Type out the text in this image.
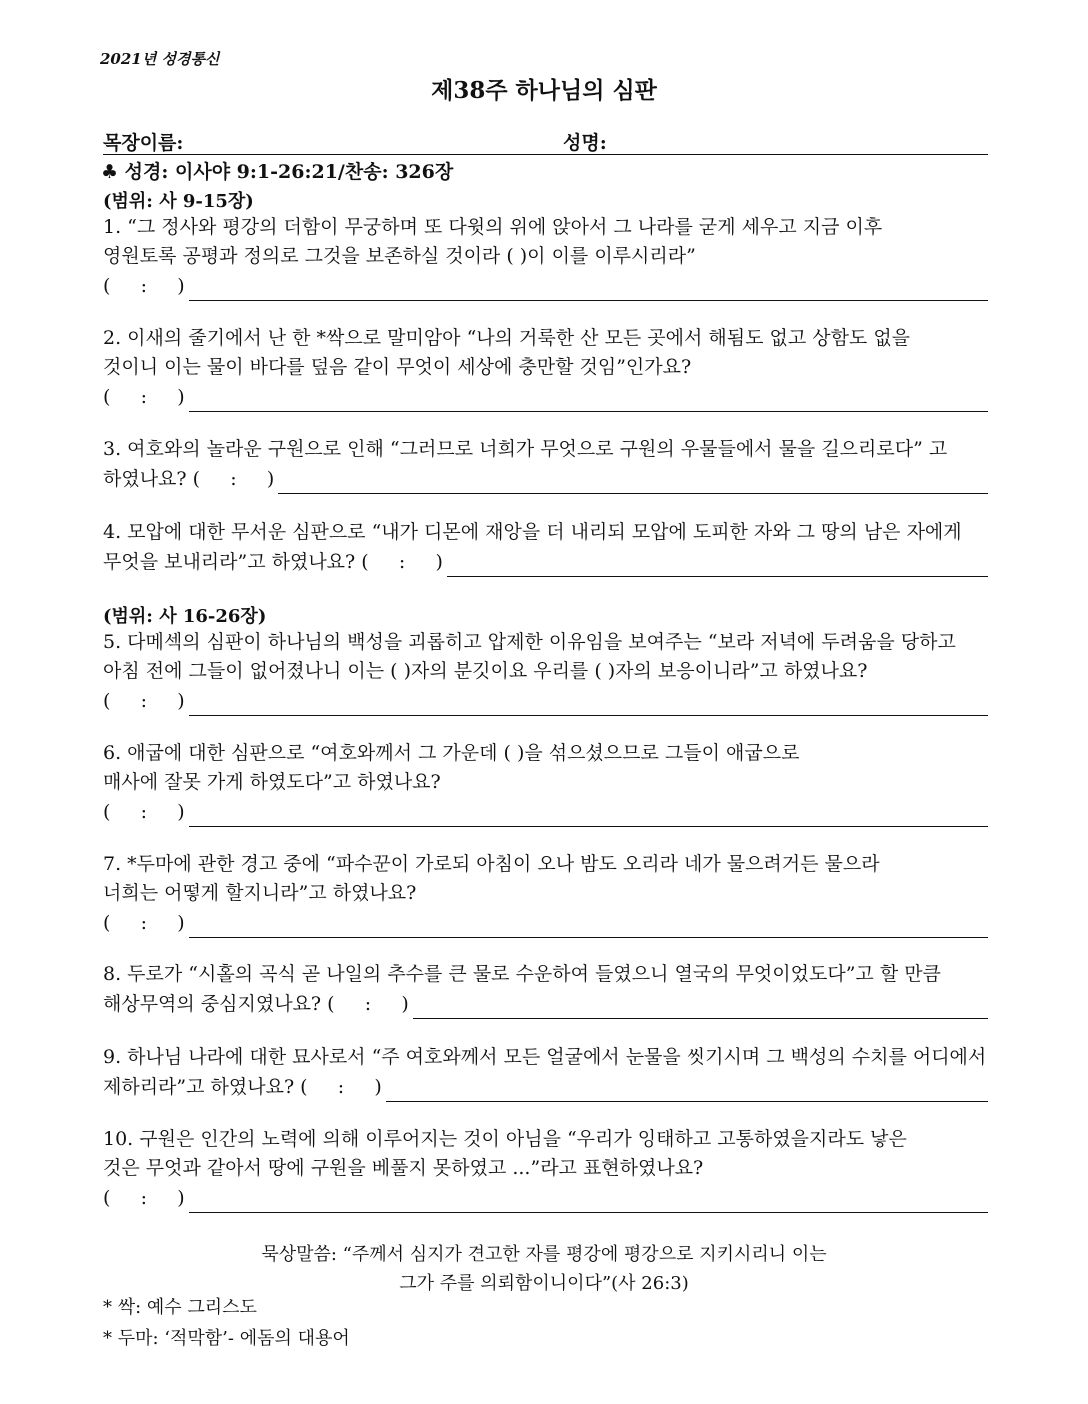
2021년 성경통신
제38주 하나님의 심판
목장이름:	성명:
♣ 성경: 이사야 9:1-26:21/찬송: 326장
(범위: 사 9-15장)
(범위: 사 16-26장)
1. “그 정사와 평강의 더함이 무궁하며 또 다윗의 위에 앉아서 그 나라를 굳게 세우고 지금 이후
영원토록 공평과 정의로 그것을 보존하실 것이라 ( )이 이를 이루시리라”
(     :     )
2. 이새의 줄기에서 난 한 *싹으로 말미암아 “나의 거룩한 산 모든 곳에서 해됨도 없고 상함도 없을
것이니 이는 물이 바다를 덮음 같이 무엇이 세상에 충만할 것임”인가요?
(     :     )
3. 여호와의 놀라운 구원으로 인해 “그러므로 너희가 무엇으로 구원의 우물들에서 물을 길으리로다” 고
하였나요? (     :     )
4. 모압에 대한 무서운 심판으로 “내가 디몬에 재앙을 더 내리되 모압에 도피한 자와 그 땅의 남은 자에게
무엇을 보내리라”고 하였나요? (     :     )
5. 다메섹의 심판이 하나님의 백성을 괴롭히고 압제한 이유임을 보여주는 “보라 저녁에 두려움을 당하고
아침 전에 그들이 없어졌나니 이는 ( )자의 분깃이요 우리를 ( )자의 보응이니라”고 하였나요?
(     :     )
6. 애굽에 대한 심판으로 “여호와께서 그 가운데 ( )을 섞으셨으므로 그들이 애굽으로
매사에 잘못 가게 하였도다”고 하였나요?
(     :     )
7. *두마에 관한 경고 중에 “파수꾼이 가로되 아침이 오나 밤도 오리라 네가 물으려거든 물으라
너희는 어떻게 할지니라”고 하였나요?
(     :     )
8. 두로가 “시홀의 곡식 곧 나일의 추수를 큰 물로 수운하여 들였으니 열국의 무엇이었도다”고 할 만큼
해상무역의 중심지였나요? (     :     )
9. 하나님 나라에 대한 묘사로서 “주 여호와께서 모든 얼굴에서 눈물을 씻기시며 그 백성의 수치를 어디에서
제하리라”고 하였나요? (     :     )
10. 구원은 인간의 노력에 의해 이루어지는 것이 아님을 “우리가 잉태하고 고통하였을지라도 낳은
것은 무엇과 같아서 땅에 구원을 베풀지 못하였고 ...”라고 표현하였나요?
(     :     )
묵상말씀: “주께서 심지가 견고한 자를 평강에 평강으로 지키시리니 이는
그가 주를 의뢰함이니이다”(사 26:3)
* 싹: 예수 그리스도
* 두마: ‘적막함’- 에돔의 대용어
